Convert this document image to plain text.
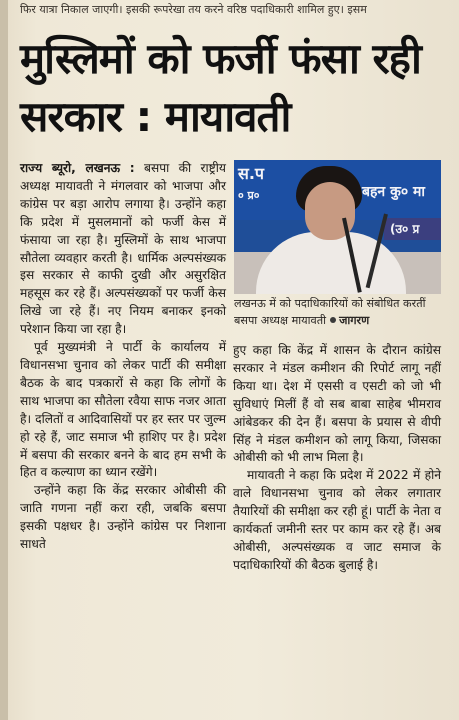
फिर यात्रा निकाल जाएगी। इसकी रूपरेखा तय करने वरिष्ठ पदाधिकारी शामिल हुए। इसम
मुस्लिमों को फर्जी फंसा रही सरकार : मायावती

राज्य ब्यूरो, लखनऊ : बसपा की राष्ट्रीय अध्यक्ष मायावती ने मंगलवार को भाजपा और कांग्रेस पर बड़ा आरोप लगाया है। उन्होंने कहा कि प्रदेश में मुसलमानों को फर्जी केस में फंसाया जा रहा है। मुस्लिमों के साथ भाजपा सौतेला व्यवहार करती है। धार्मिक अल्पसंख्यक इस सरकार से काफी दुखी और असुरक्षित महसूस कर रहे हैं। अल्पसंख्यकों पर फर्जी केस लिखे जा रहे हैं। नए नियम बनाकर इनको परेशान किया जा रहा है।

पूर्व मुख्यमंत्री ने पार्टी के कार्यालय में विधानसभा चुनाव को लेकर पार्टी की समीक्षा बैठक के बाद पत्रकारों से कहा कि लोगों के साथ भाजपा का सौतेला रवैया साफ नजर आता है। दलितों व आदिवासियों पर हर स्तर पर जुल्म हो रहे हैं, जाट समाज भी हाशिए पर है। प्रदेश में बसपा की सरकार बनने के बाद हम सभी के हित व कल्याण का ध्यान रखेंगे।

उन्होंने कहा कि केंद्र सरकार ओबीसी की जाति गणना नहीं करा रही, जबकि बसपा इसकी पक्षधर है। उन्होंने कांग्रेस पर निशाना साधते

स.प
० प्र०	बहन कु० मा
(उ० प्र
लखनऊ में को पदाधिकारियों को संबोधित करतीं बसपा अध्यक्ष मायावती जागरण

हुए कहा कि केंद्र में शासन के दौरान कांग्रेस सरकार ने मंडल कमीशन की रिपोर्ट लागू नहीं किया था। देश में एससी व एसटी को जो भी सुविधाएं मिलीं हैं वो सब बाबा साहेब भीमराव आंबेडकर की देन हैं। बसपा के प्रयास से वीपी सिंह ने मंडल कमीशन को लागू किया, जिसका ओबीसी को भी लाभ मिला है।

मायावती ने कहा कि प्रदेश में 2022 में होने वाले विधानसभा चुनाव को लेकर लगातार तैयारियों की समीक्षा कर रही हूं। पार्टी के नेता व कार्यकर्ता जमीनी स्तर पर काम कर रहे हैं। अब ओबीसी, अल्पसंख्यक व जाट समाज के पदाधिकारियों की बैठक बुलाई है।
